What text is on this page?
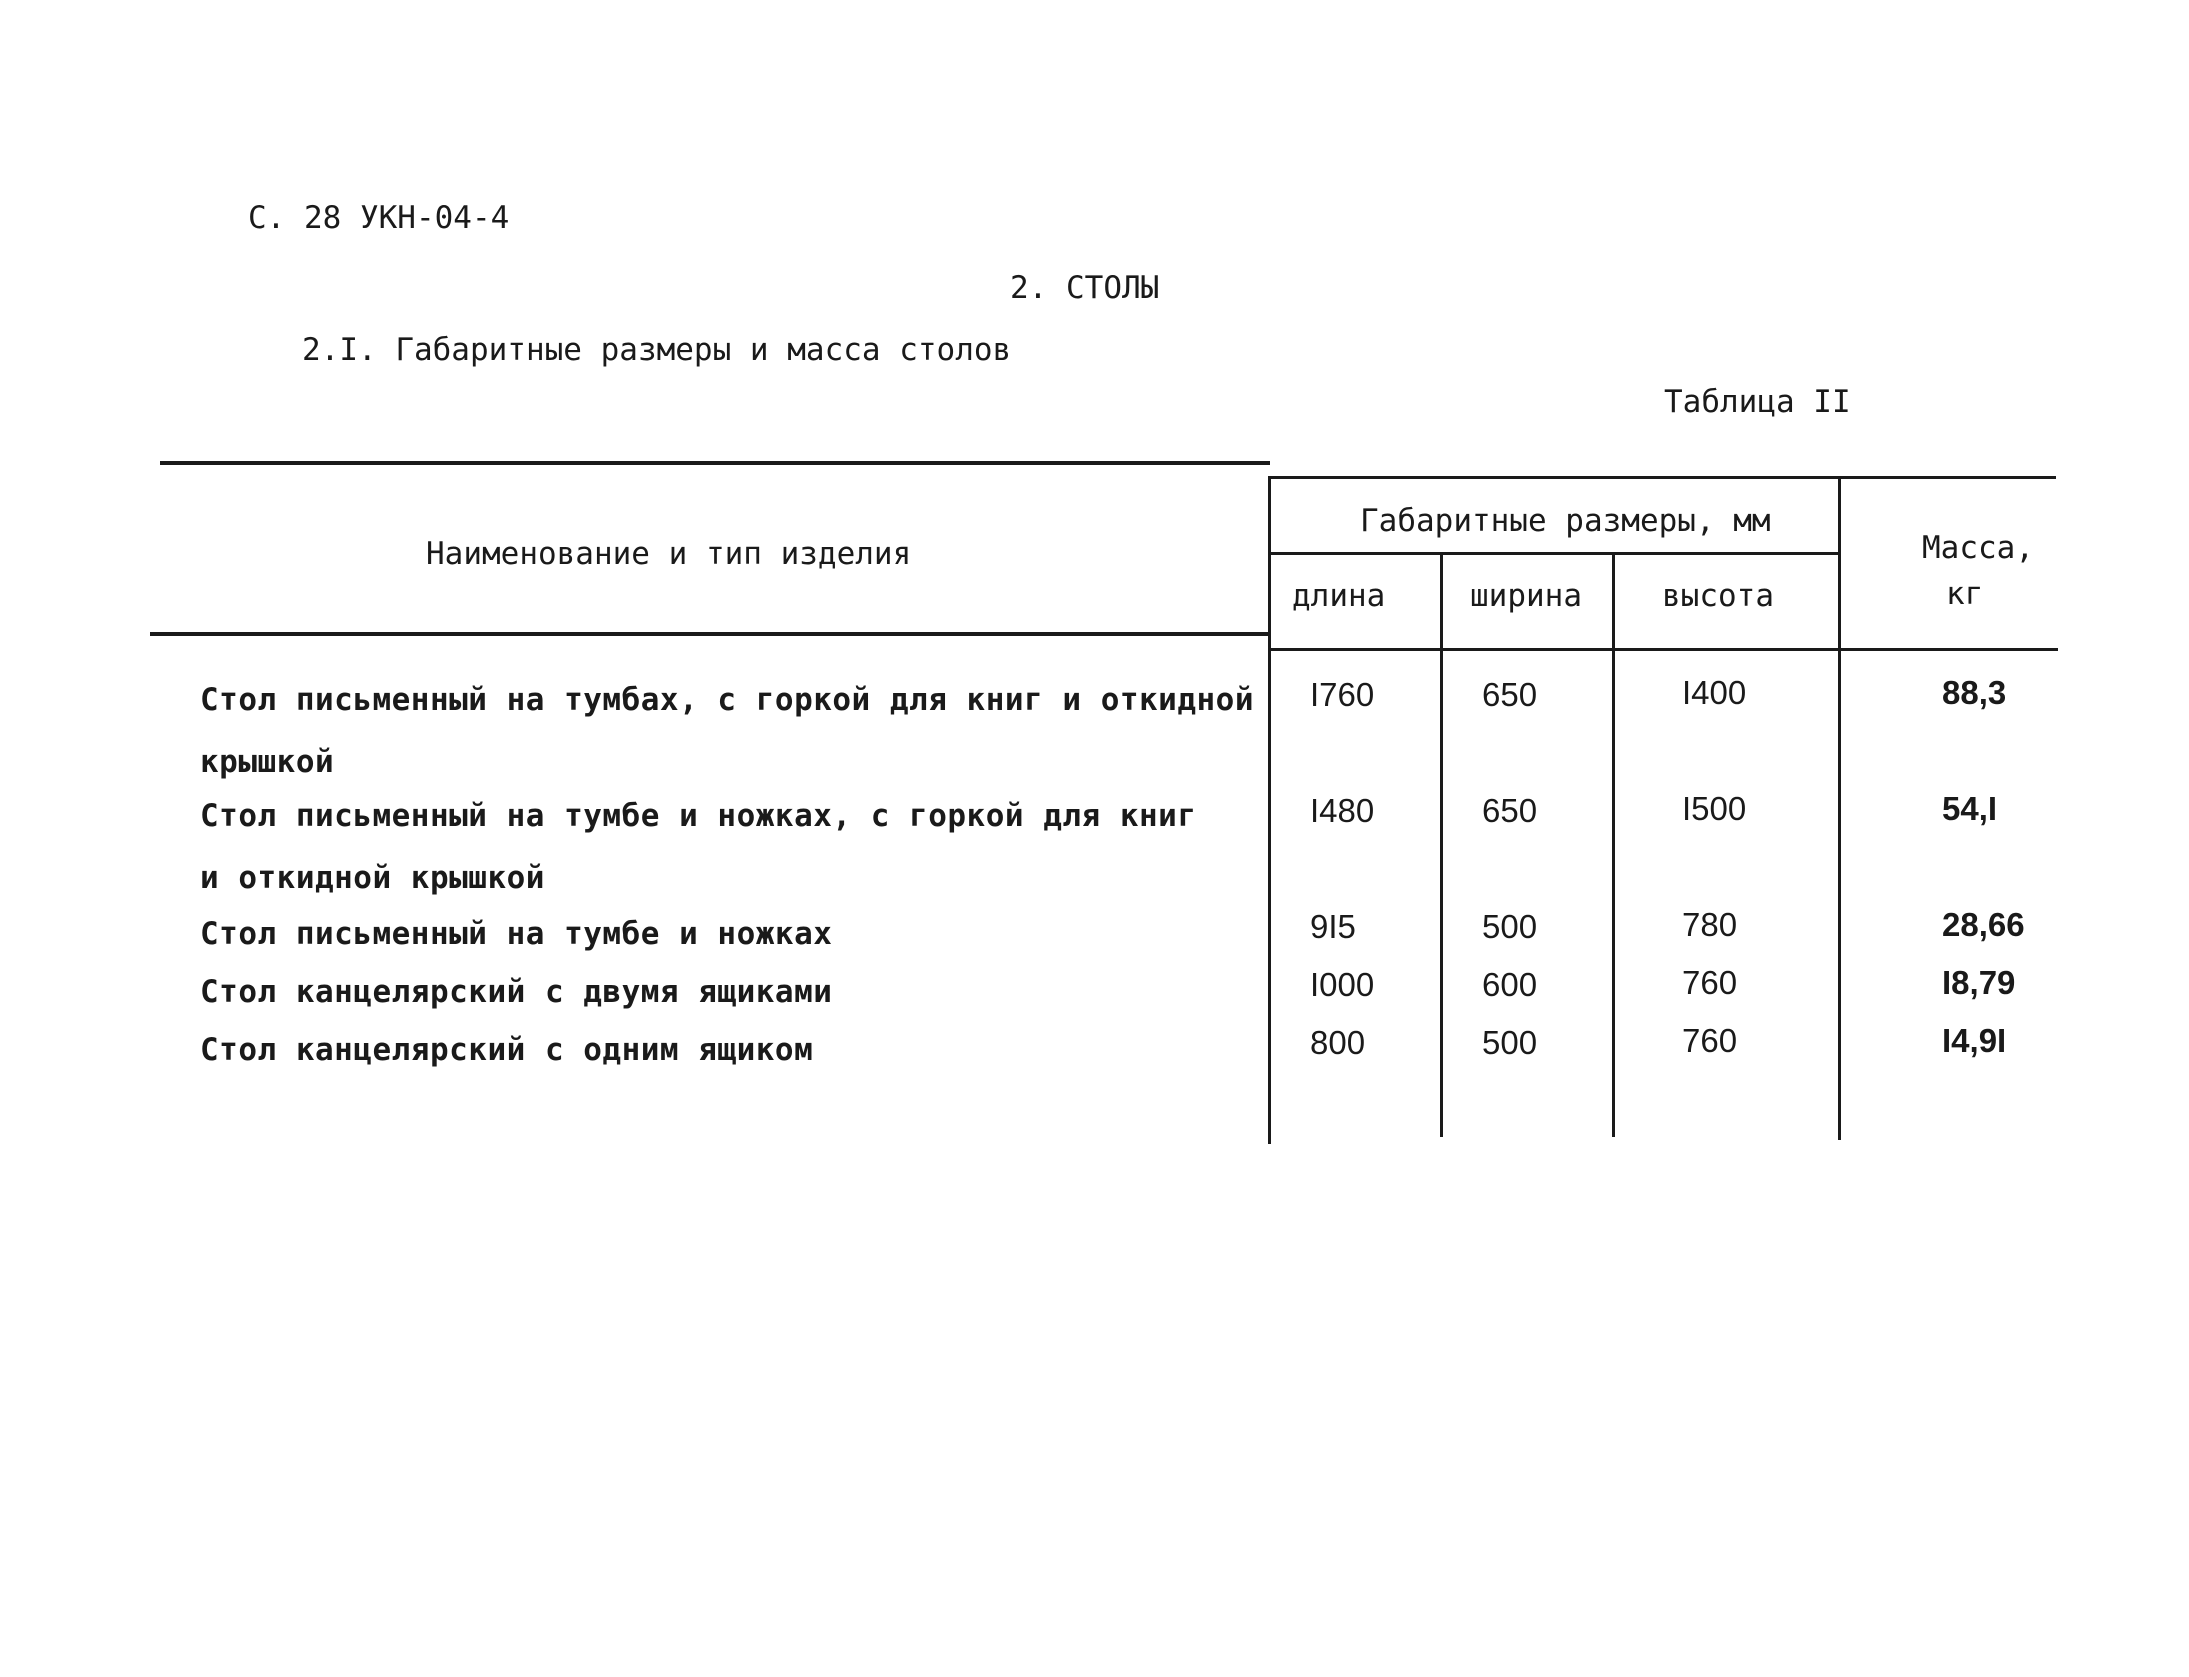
С. 28 УКН-04-4
2. СТОЛЫ
2.I. Габаритные размеры и масса столов
Таблица II
Наименование и тип изделия
Габаритные размеры, мм
длина	ширина	высота
Масса,
кг
Стол письменный на тумбах, с горкой для книг и откидной
крышкой
I760	650	I400	88,3
Стол письменный на тумбе и ножках, с горкой для книг
и откидной крышкой
I480	650	I500	54,I
Стол письменный на тумбе и ножках	9I5	500	780	28,66
Стол канцелярский с двумя ящиками	I000	600	760	I8,79
Стол канцелярский с одним ящиком	800	500	760	I4,9I
